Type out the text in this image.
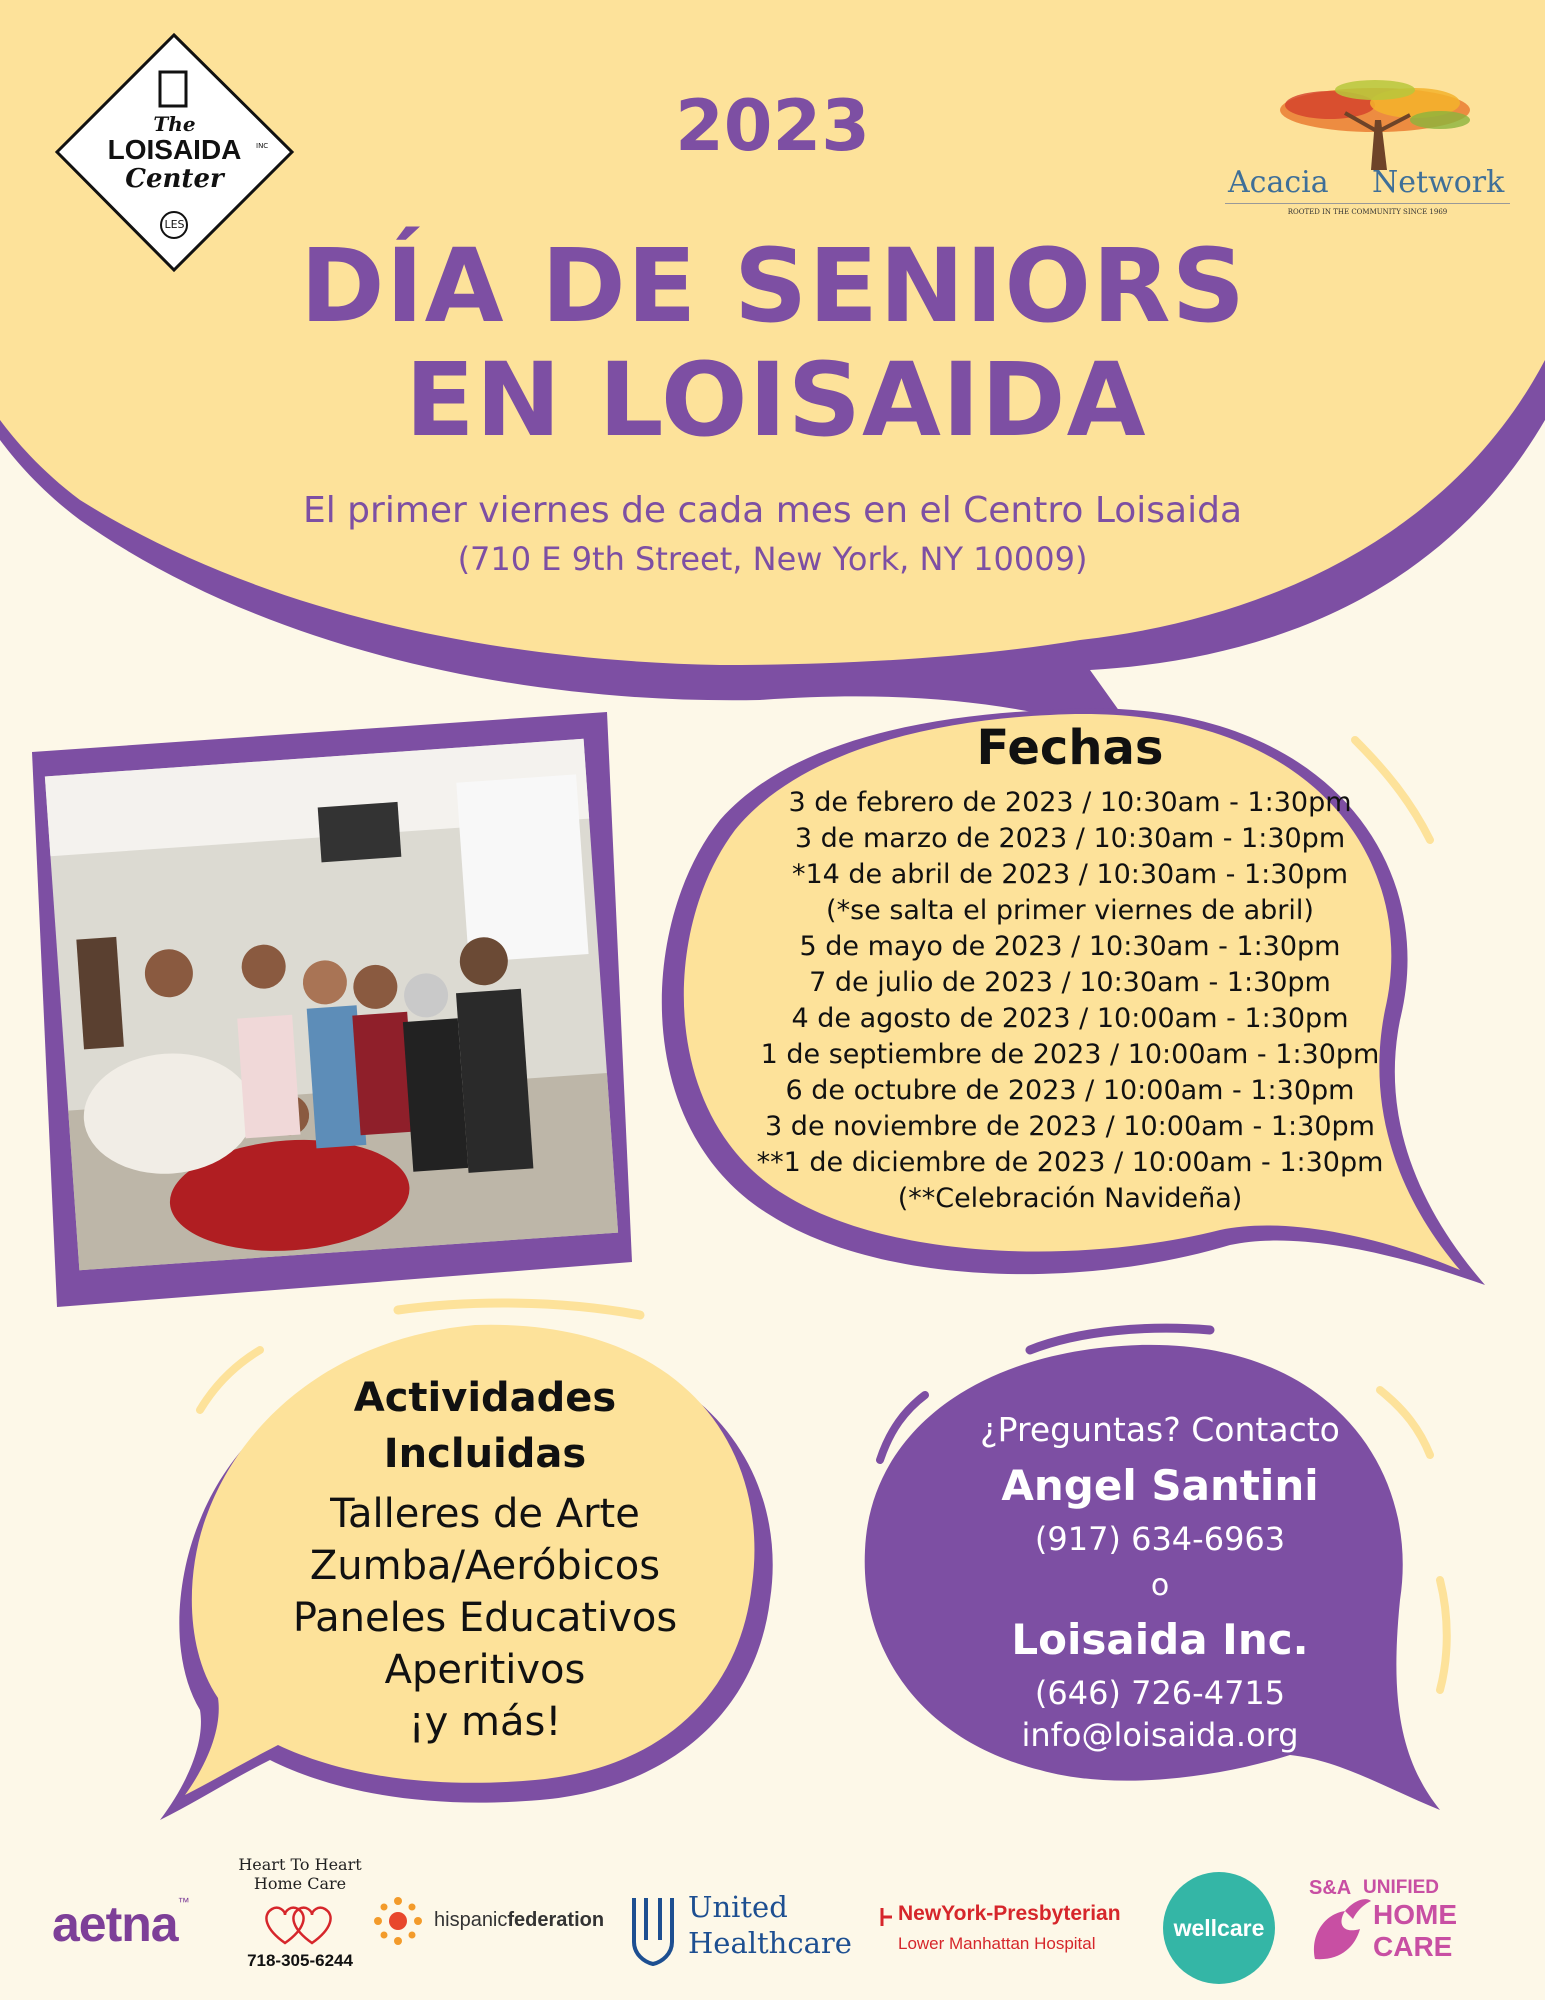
The
LOISAIDA	INC
Center
LES
Acacia Network
ROOTED IN THE COMMUNITY SINCE 1969
2023
DÍA DE SENIORS
EN LOISAIDA
El primer viernes de cada mes en el Centro Loisaida
(710 E 9th Street, New York, NY 10009)
Fechas
3 de febrero de 2023 / 10:30am - 1:30pm
3 de marzo de 2023 / 10:30am - 1:30pm
*14 de abril de 2023 / 10:30am - 1:30pm
(*se salta el primer viernes de abril)
5 de mayo de 2023 / 10:30am - 1:30pm
7 de julio de 2023 / 10:30am - 1:30pm
4 de agosto de 2023 / 10:00am - 1:30pm
1 de septiembre de 2023 / 10:00am - 1:30pm
6 de octubre de 2023 / 10:00am - 1:30pm
3 de noviembre de 2023 / 10:00am - 1:30pm
**1 de diciembre de 2023 / 10:00am - 1:30pm
(**Celebración Navideña)
Actividades
Incluidas
Talleres de Arte
Zumba/Aeróbicos
Paneles Educativos
Aperitivos
¡y más!
¿Preguntas? Contacto
Angel Santini
(917) 634-6963
o
Loisaida Inc.
(646) 726-4715
info@loisaida.org
aetna™
Heart To Heart
Home Care
718-305-6244
hispanicfederation	United
Healthcare
NewYork-Presbyterian
Lower Manhattan Hospital
wellcare
S&A UNIFIED
HOME
CARE
